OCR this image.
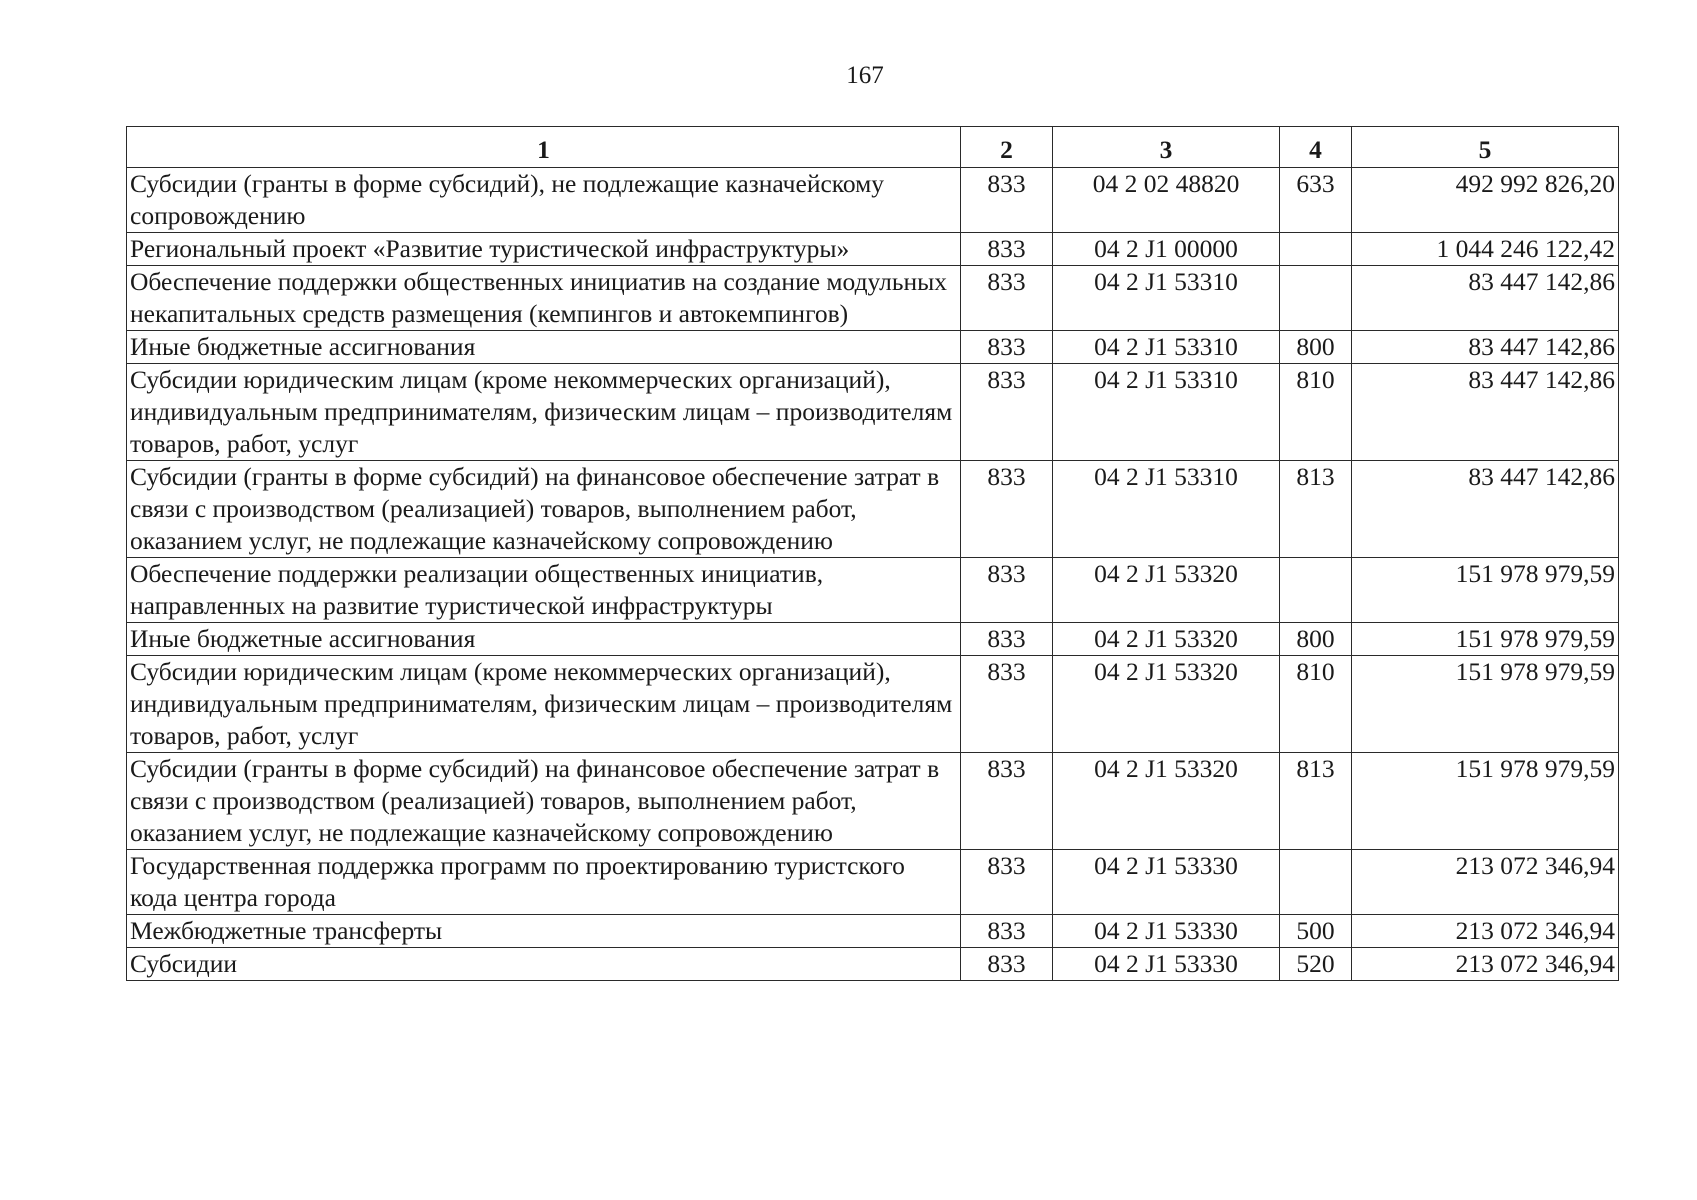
167
1	2	3	4	5
Субсидии (гранты в форме субсидий), не подлежащие казначейскому сопровождению	833	04 2 02 48820	633	492 992 826,20
Региональный проект «Развитие туристической инфраструктуры»	833	04 2 J1 00000		1 044 246 122,42
Обеспечение поддержки общественных инициатив на создание модульных некапитальных средств размещения (кемпингов и автокемпингов)	833	04 2 J1 53310		83 447 142,86
Иные бюджетные ассигнования	833	04 2 J1 53310	800	83 447 142,86
Субсидии юридическим лицам (кроме некоммерческих организаций), индивидуальным предпринимателям, физическим лицам – производителям товаров, работ, услуг	833	04 2 J1 53310	810	83 447 142,86
Субсидии (гранты в форме субсидий) на финансовое обеспечение затрат в связи с производством (реализацией) товаров, выполнением работ, оказанием услуг, не подлежащие казначейскому сопровождению	833	04 2 J1 53310	813	83 447 142,86
Обеспечение поддержки реализации общественных инициатив, направленных на развитие туристической инфраструктуры	833	04 2 J1 53320		151 978 979,59
Иные бюджетные ассигнования	833	04 2 J1 53320	800	151 978 979,59
Субсидии юридическим лицам (кроме некоммерческих организаций), индивидуальным предпринимателям, физическим лицам – производителям товаров, работ, услуг	833	04 2 J1 53320	810	151 978 979,59
Субсидии (гранты в форме субсидий) на финансовое обеспечение затрат в связи с производством (реализацией) товаров, выполнением работ, оказанием услуг, не подлежащие казначейскому сопровождению	833	04 2 J1 53320	813	151 978 979,59
Государственная поддержка программ по проектированию туристского кода центра города	833	04 2 J1 53330		213 072 346,94
Межбюджетные трансферты	833	04 2 J1 53330	500	213 072 346,94
Субсидии	833	04 2 J1 53330	520	213 072 346,94
